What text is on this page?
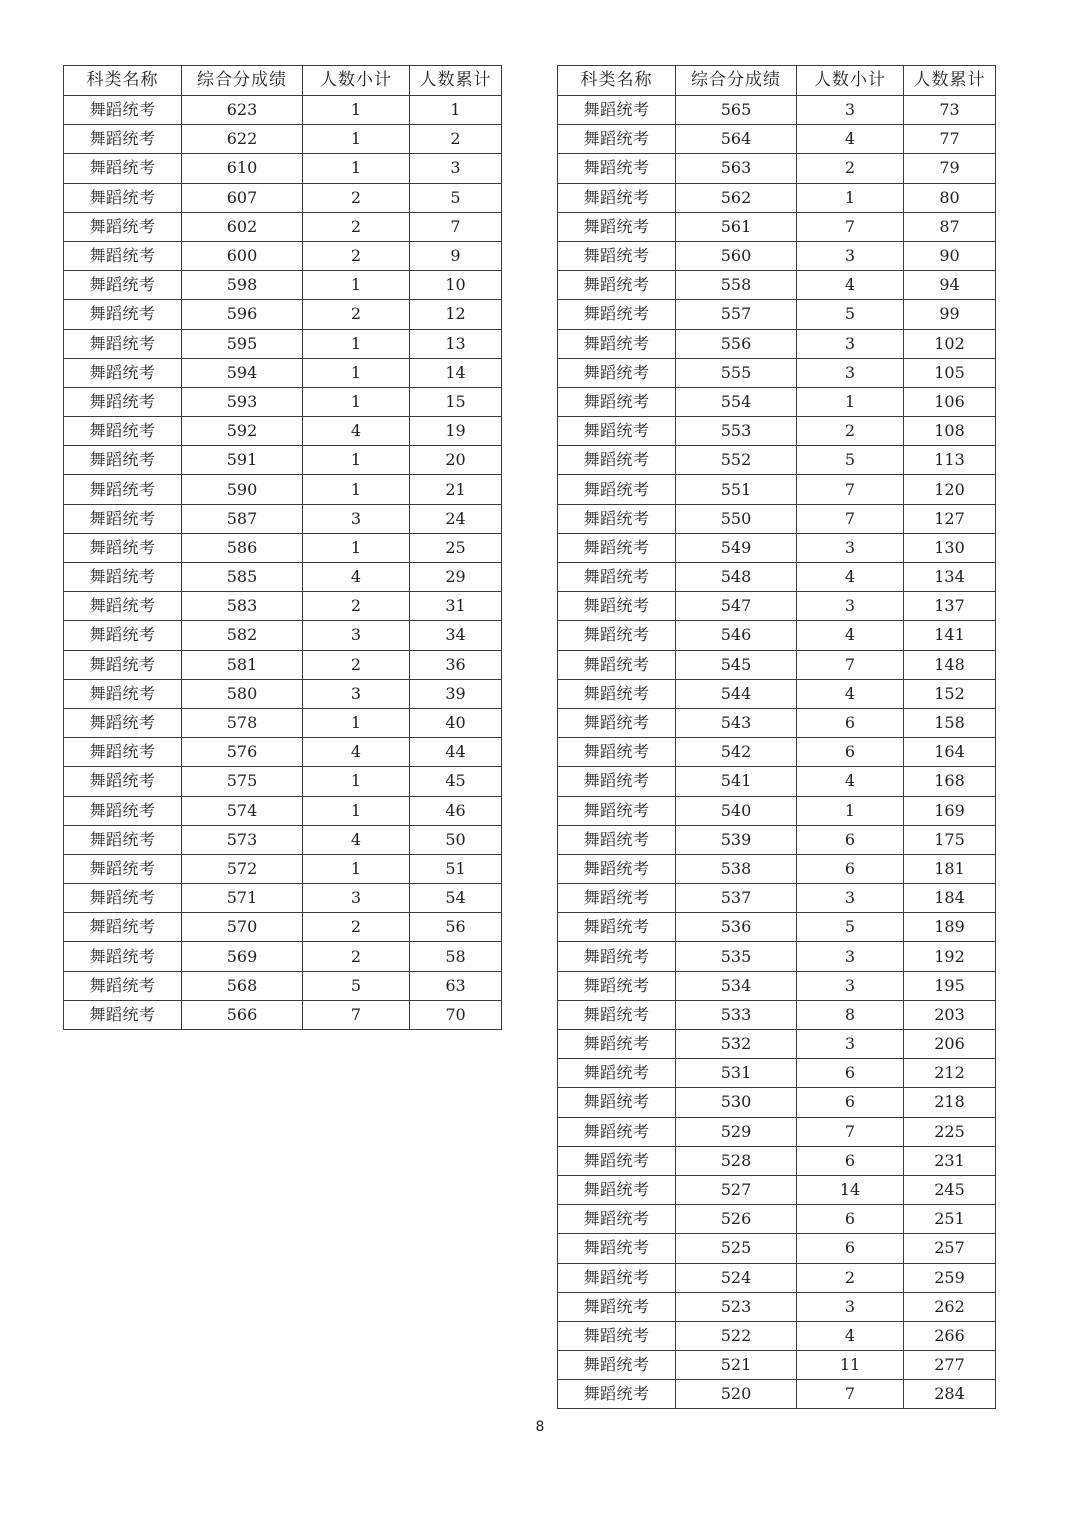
科类名称	综合分成绩	人数小计	人数累计
舞蹈统考	623	1	1
舞蹈统考	622	1	2
舞蹈统考	610	1	3
舞蹈统考	607	2	5
舞蹈统考	602	2	7
舞蹈统考	600	2	9
舞蹈统考	598	1	10
舞蹈统考	596	2	12
舞蹈统考	595	1	13
舞蹈统考	594	1	14
舞蹈统考	593	1	15
舞蹈统考	592	4	19
舞蹈统考	591	1	20
舞蹈统考	590	1	21
舞蹈统考	587	3	24
舞蹈统考	586	1	25
舞蹈统考	585	4	29
舞蹈统考	583	2	31
舞蹈统考	582	3	34
舞蹈统考	581	2	36
舞蹈统考	580	3	39
舞蹈统考	578	1	40
舞蹈统考	576	4	44
舞蹈统考	575	1	45
舞蹈统考	574	1	46
舞蹈统考	573	4	50
舞蹈统考	572	1	51
舞蹈统考	571	3	54
舞蹈统考	570	2	56
舞蹈统考	569	2	58
舞蹈统考	568	5	63
舞蹈统考	566	7	70
科类名称	综合分成绩	人数小计	人数累计
舞蹈统考	565	3	73
舞蹈统考	564	4	77
舞蹈统考	563	2	79
舞蹈统考	562	1	80
舞蹈统考	561	7	87
舞蹈统考	560	3	90
舞蹈统考	558	4	94
舞蹈统考	557	5	99
舞蹈统考	556	3	102
舞蹈统考	555	3	105
舞蹈统考	554	1	106
舞蹈统考	553	2	108
舞蹈统考	552	5	113
舞蹈统考	551	7	120
舞蹈统考	550	7	127
舞蹈统考	549	3	130
舞蹈统考	548	4	134
舞蹈统考	547	3	137
舞蹈统考	546	4	141
舞蹈统考	545	7	148
舞蹈统考	544	4	152
舞蹈统考	543	6	158
舞蹈统考	542	6	164
舞蹈统考	541	4	168
舞蹈统考	540	1	169
舞蹈统考	539	6	175
舞蹈统考	538	6	181
舞蹈统考	537	3	184
舞蹈统考	536	5	189
舞蹈统考	535	3	192
舞蹈统考	534	3	195
舞蹈统考	533	8	203
舞蹈统考	532	3	206
舞蹈统考	531	6	212
舞蹈统考	530	6	218
舞蹈统考	529	7	225
舞蹈统考	528	6	231
舞蹈统考	527	14	245
舞蹈统考	526	6	251
舞蹈统考	525	6	257
舞蹈统考	524	2	259
舞蹈统考	523	3	262
舞蹈统考	522	4	266
舞蹈统考	521	11	277
舞蹈统考	520	7	284
8
